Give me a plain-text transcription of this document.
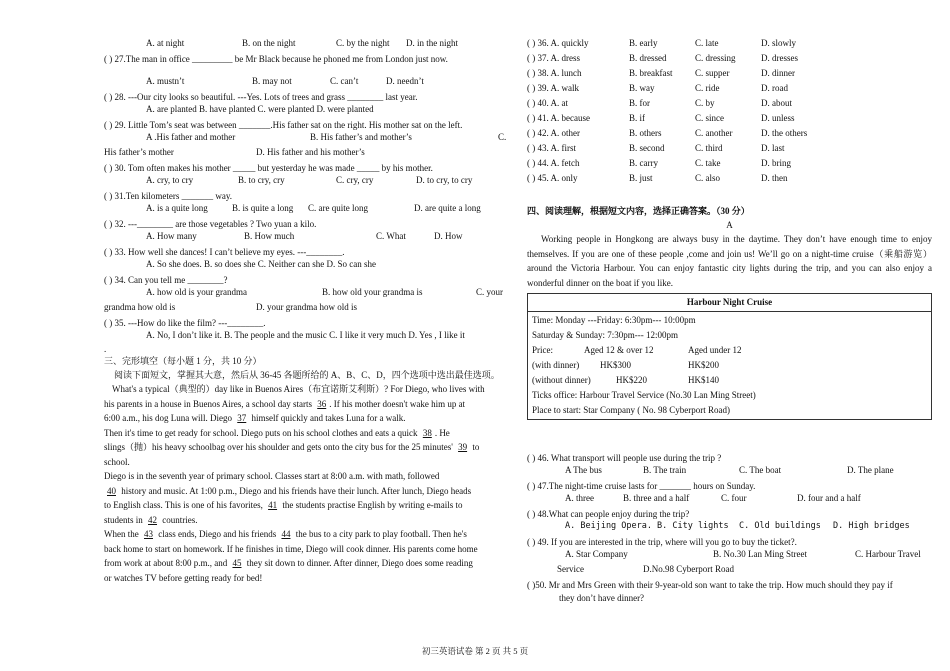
A. at night	B. on the night	C. by the night D. in the night
( ) 27.The man in office _________ be Mr Black because he phoned me from London just now.
A. mustn’t	B. may not	C. can’t	D. needn’t
( ) 28. ---Our city looks so beautiful. ---Yes. Lots of trees and grass ________ last year.
A. are planted B. have planted C. were planted D. were planted
( ) 29. Little Tom’s seat was between _______.His father sat on the right. His mother sat on the left.
A .His father and mother	B. His father’s and mother’s	C.
His father’s mother	D. His father and his mother’s
( ) 30. Tom often makes his mother _____ but yesterday he was made _____ by his mother.
A. cry, to cry	B. to cry, cry	C. cry, cry	D. to cry, to cry
( ) 31.Ten kilometers _______ way.
A. is a quite long	B. is quite a long C. are quite long	D. are quite a long
( ) 32. ---________ are those vegetables ? Two yuan a kilo.
A. How many	B. How much	C. What	D. How
( ) 33. How well she dances! I can’t believe my eyes. ---________.
A. So she does. B. so does she C. Neither can she D. So can she
( ) 34. Can you tell me ________?
A. how old is your grandma	B. how old your grandma is	C. your
grandma how old is	D. your grandma how old is
( ) 35. ---How do like the film? ---________.
A. No, I don’t like it. B. The people and the music C. I like it very much D. Yes , I like it
.
三、完形填空（每小题 1 分，共 10 分）
阅读下面短文，掌握其大意，然后从 36-45 各题所给的 A、B、C、D，四个选项中选出最佳选项。

What's a typical（典型的）day like in Buenos Aires（布宜诺斯艾利斯）? For Diego, who lives with

his parents in a house in Buenos Aires, a school day starts 36 . If his mother doesn't wake him up at

6:00 a.m., his dog Luna will. Diego 37 himself quickly and takes Luna for a walk.

Then it's time to get ready for school. Diego puts on his school clothes and eats a quick 38 . He

slings（抛）his heavy schoolbag over his shoulder and gets onto the city bus for the 25 minutes' 39 to

school.

Diego is in the seventh year of primary school. Classes start at 8:00 a.m. with math, followed

40 history and music. At 1:00 p.m., Diego and his friends have their lunch. After lunch, Diego heads

to English class. This is one of his favorites, 41 the students practise English by writing e-mails to

students in 42 countries.

When the 43 class ends, Diego and his friends 44 the bus to a city park to play football. Then he's

back home to start on homework. If he finishes in time, Diego will cook dinner. His parents come home

from work at about 8:00 p.m., and 45 they sit down to dinner. After dinner, Diego does some reading

or watches TV before getting ready for bed!

( ) 36. A. quickly	B. early	C. late	D. slowly
( ) 37. A. dress	B. dressed	C. dressing	D. dresses
( ) 38. A. lunch	B. breakfast	C. supper	D. dinner
( ) 39. A. walk	B. way	C. ride	D. road
( ) 40. A. at	B. for	C. by	D. about
( ) 41. A. because	B. if	C. since	D. unless
( ) 42. A. other	B. others	C. another	D. the others
( ) 43. A. first	B. second	C. third	D. last
( ) 44. A. fetch	B. carry	C. take	D. bring
( ) 45. A. only	B. just	C. also	D. then
四、阅读理解，根据短文内容，选择正确答案。（30 分）
A
Working people in Hongkong are always busy in the daytime. They don’t have enough time to enjoy themselves. If you are one of these people ,come and join us! We’ll go on a night-time cruise（乘船游览）around the Victoria Harbour. You can enjoy fantastic city lights during the trip, and you can also enjoy a wonderful dinner on the boat if you like.
Harbour Night Cruise

Time: Monday ---Friday: 6:30pm--- 10:00pm
Saturday & Sunday: 7:30pm--- 12:00pm
Price:	Aged 12 & over 12	Aged under 12
(with dinner) HK$300	HK$200
(without dinner)	HK$220	HK$140
Ticks office: Harbour Travel Service (No.30 Lan Ming Street)
Place to start: Star Company ( No. 98 Cyberport Road)
( ) 46. What transport will people use during the trip ?
A The bus	B. The train	C. The boat	D. The plane
( ) 47.The night-time cruise lasts for _______ hours on Sunday.
A. three	B. three and a half	C. four	D. four and a half
( ) 48.What can people enjoy during the trip?
A. Beijing Opera. B. City lights C. Old buildings D. High bridges
( ) 49. If you are interested in the trip, where will you go to buy the ticket?.
A. Star Company	B. No.30 Lan Ming Street	C. Harbour Travel
Service	D.No.98 Cyberport Road
( )50. Mr and Mrs Green with their 9-year-old son want to take the trip. How much should they pay if
they don’t have dinner?
初三英语试卷 第 2 页 共 5 页
